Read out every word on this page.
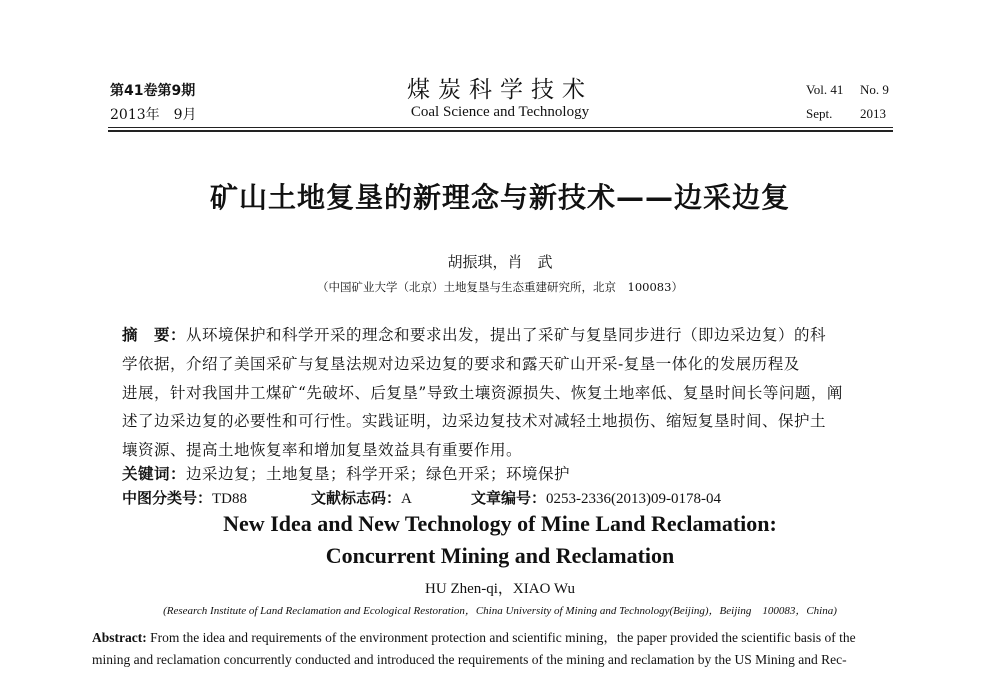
第41卷第9期
2013年　9月
煤炭科学技术
Coal Science and Technology
Vol. 41 No. 9
Sept. 2013
矿山土地复垦的新理念与新技术——边采边复
胡振琪，肖　武
（中国矿业大学（北京）土地复垦与生态重建研究所，北京　100083）
摘　要：从环境保护和科学开采的理念和要求出发，提出了采矿与复垦同步进行（即边采边复）的科
学依据，介绍了美国采矿与复垦法规对边采边复的要求和露天矿山开采-复垦一体化的发展历程及
进展，针对我国井工煤矿“先破坏、后复垦”导致土壤资源损失、恢复土地率低、复垦时间长等问题，阐
述了边采边复的必要性和可行性。实践证明，边采边复技术对减轻土地损伤、缩短复垦时间、保护土
壤资源、提高土地恢复率和增加复垦效益具有重要作用。
关键词：边采边复；土地复垦；科学开采；绿色开采；环境保护
中图分类号：TD88	文献标志码：A	文章编号：0253-2336(2013)09-0178-04
New Idea and New Technology of Mine Land Reclamation:
Concurrent Mining and Reclamation
HU Zhen-qi，XIAO Wu
(Research Institute of Land Reclamation and Ecological Restoration，China University of Mining and Technology(Beijing)，Beijing　100083，China)
Abstract: From the idea and requirements of the environment protection and scientific mining，the paper provided the scientific basis of the
mining and reclamation concurrently conducted and introduced the requirements of the mining and reclamation by the US Mining and Rec-
